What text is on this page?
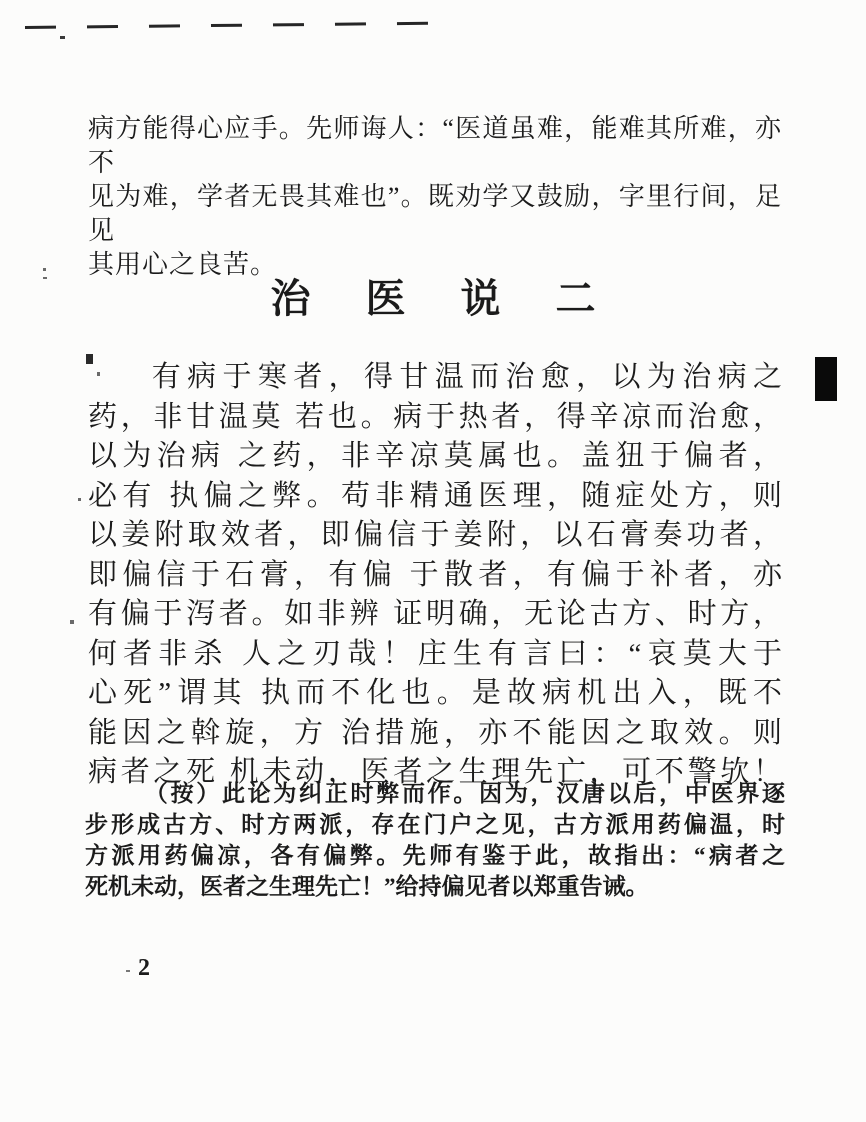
病方能得心应手。先师诲人：“医道虽难，能难其所难，亦不
见为难，学者无畏其难也”。既劝学又鼓励，字里行间，足见
其用心之良苦。
治医说二
有病于寒者，得甘温而治愈，以为治病之
药，非甘温莫 若也。病于热者，得辛凉而治愈，
以为治病 之药，非辛凉莫属也。盖狃于偏者，
必有 执偏之弊。苟非精通医理，随症处方，则
以姜附取效者，即偏信于姜附，以石膏奏功者，
即偏信于石膏，有偏 于散者，有偏于补者，亦
有偏于泻者。如非辨 证明确，无论古方、时方，
何者非杀 人之刃哉！庄生有言曰：“哀莫大于
心死”谓其 执而不化也。是故病机出入，既不
能因之斡旋，方 治措施，亦不能因之取效。则
病者之死 机未动，医者之生理先亡，可不警欤！
（按）此论为纠正时弊而作。因为，汉唐以后，中医界逐
步形成古方、时方两派，存在门户之见，古方派用药偏温，时
方派用药偏凉，各有偏弊。先师有鉴于此，故指出：“病者之
死机未动，医者之生理先亡！”给持偏见者以郑重告诫。
2
